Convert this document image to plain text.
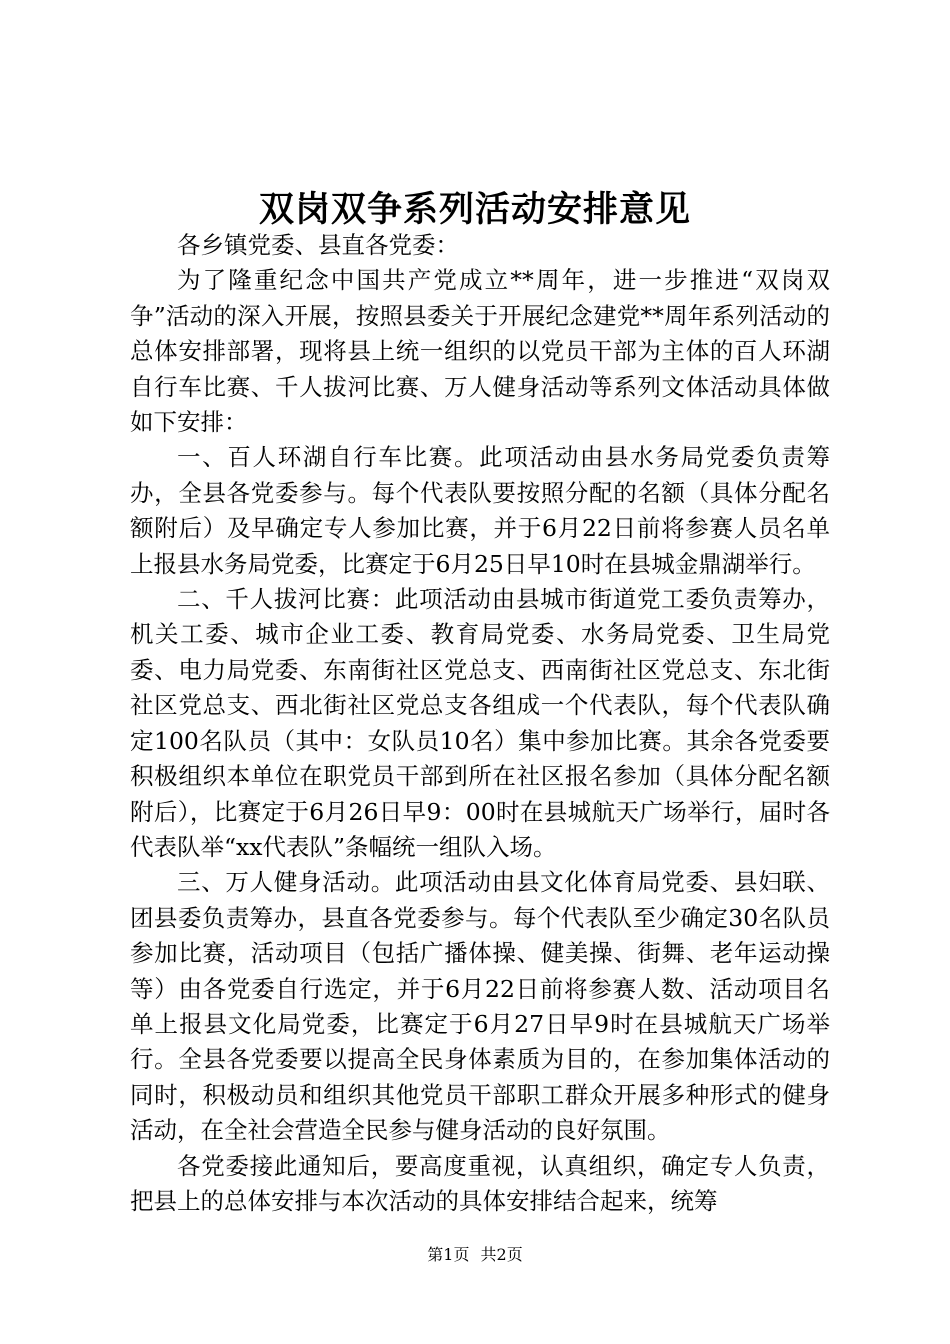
双岗双争系列活动安排意见

各乡镇党委、县直各党委：

为了隆重纪念中国共产党成立**周年，进一步推进“双岗双争”活动的深入开展，按照县委关于开展纪念建党**周年系列活动的总体安排部署，现将县上统一组织的以党员干部为主体的百人环湖自行车比赛、千人拔河比赛、万人健身活动等系列文体活动具体做如下安排：

一、百人环湖自行车比赛。此项活动由县水务局党委负责筹办，全县各党委参与。每个代表队要按照分配的名额（具体分配名额附后）及早确定专人参加比赛，并于6月22日前将参赛人员名单上报县水务局党委，比赛定于6月25日早10时在县城金鼎湖举行。

二、千人拔河比赛：此项活动由县城市街道党工委负责筹办，机关工委、城市企业工委、教育局党委、水务局党委、卫生局党委、电力局党委、东南街社区党总支、西南街社区党总支、东北街社区党总支、西北街社区党总支各组成一个代表队，每个代表队确定100名队员（其中：女队员10名）集中参加比赛。其余各党委要积极组织本单位在职党员干部到所在社区报名参加（具体分配名额附后），比赛定于6月26日早9：00时在县城航天广场举行，届时各代表队举“xx代表队”条幅统一组队入场。

三、万人健身活动。此项活动由县文化体育局党委、县妇联、团县委负责筹办，县直各党委参与。每个代表队至少确定30名队员参加比赛，活动项目（包括广播体操、健美操、街舞、老年运动操等）由各党委自行选定，并于6月22日前将参赛人数、活动项目名单上报县文化局党委，比赛定于6月27日早9时在县城航天广场举行。全县各党委要以提高全民身体素质为目的，在参加集体活动的同时，积极动员和组织其他党员干部职工群众开展多种形式的健身活动，在全社会营造全民参与健身活动的良好氛围。

各党委接此通知后，要高度重视，认真组织，确定专人负责，把县上的总体安排与本次活动的具体安排结合起来，统筹

第1页 共2页
